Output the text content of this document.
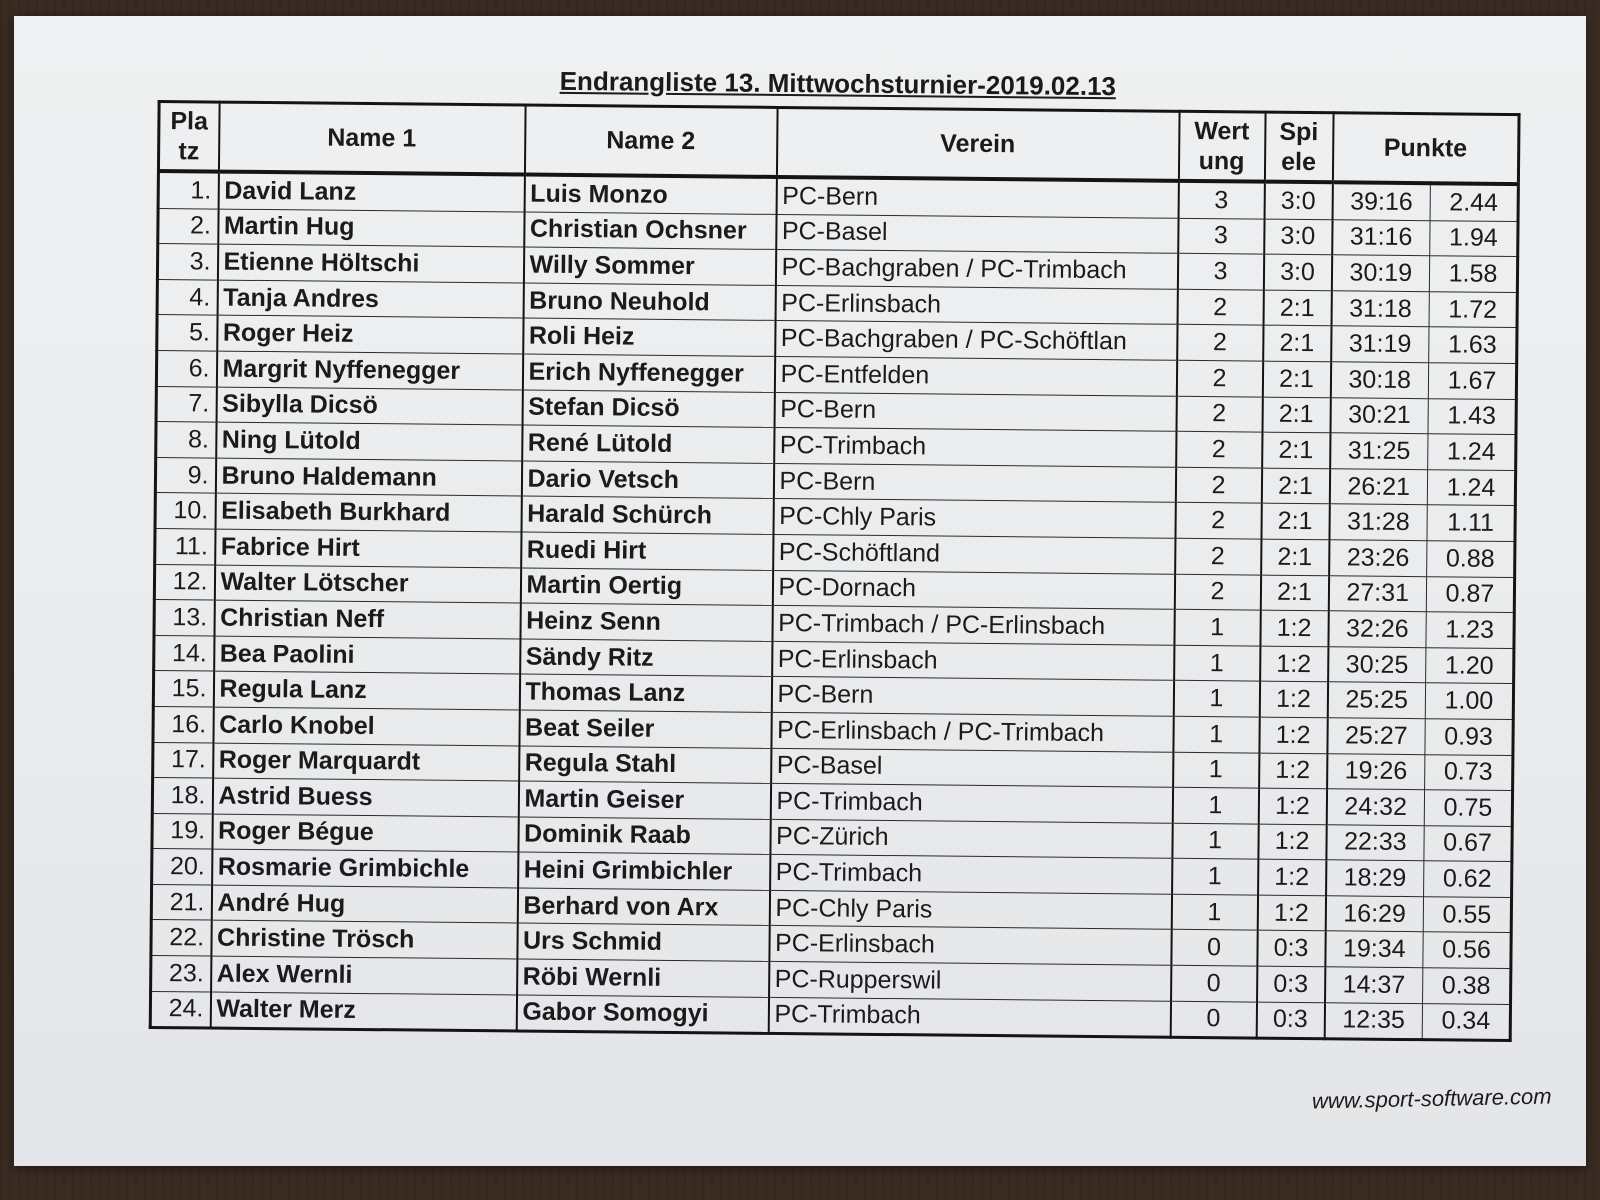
Endrangliste 13. Mittwochsturnier-2019.02.13
Pla tz	Name 1	Name 2	Verein	Wert ung	Spi ele	Punkte	
1.	David Lanz	Luis Monzo	PC-Bern	3	3:0	39:16	2.44
2.	Martin Hug	Christian Ochsner	PC-Basel	3	3:0	31:16	1.94
3.	Etienne Höltschi	Willy Sommer	PC-Bachgraben / PC-Trimbach	3	3:0	30:19	1.58
4.	Tanja Andres	Bruno Neuhold	PC-Erlinsbach	2	2:1	31:18	1.72
5.	Roger Heiz	Roli Heiz	PC-Bachgraben / PC-Schöftlan	2	2:1	31:19	1.63
6.	Margrit Nyffenegger	Erich Nyffenegger	PC-Entfelden	2	2:1	30:18	1.67
7.	Sibylla Dicsö	Stefan Dicsö	PC-Bern	2	2:1	30:21	1.43
8.	Ning Lütold	René Lütold	PC-Trimbach	2	2:1	31:25	1.24
9.	Bruno Haldemann	Dario Vetsch	PC-Bern	2	2:1	26:21	1.24
10.	Elisabeth Burkhard	Harald Schürch	PC-Chly Paris	2	2:1	31:28	1.11
11.	Fabrice Hirt	Ruedi Hirt	PC-Schöftland	2	2:1	23:26	0.88
12.	Walter Lötscher	Martin Oertig	PC-Dornach	2	2:1	27:31	0.87
13.	Christian Neff	Heinz Senn	PC-Trimbach / PC-Erlinsbach	1	1:2	32:26	1.23
14.	Bea Paolini	Sändy Ritz	PC-Erlinsbach	1	1:2	30:25	1.20
15.	Regula Lanz	Thomas Lanz	PC-Bern	1	1:2	25:25	1.00
16.	Carlo Knobel	Beat Seiler	PC-Erlinsbach / PC-Trimbach	1	1:2	25:27	0.93
17.	Roger Marquardt	Regula Stahl	PC-Basel	1	1:2	19:26	0.73
18.	Astrid Buess	Martin Geiser	PC-Trimbach	1	1:2	24:32	0.75
19.	Roger Bégue	Dominik Raab	PC-Zürich	1	1:2	22:33	0.67
20.	Rosmarie Grimbichle	Heini Grimbichler	PC-Trimbach	1	1:2	18:29	0.62
21.	André Hug	Berhard von Arx	PC-Chly Paris	1	1:2	16:29	0.55
22.	Christine Trösch	Urs Schmid	PC-Erlinsbach	0	0:3	19:34	0.56
23.	Alex Wernli	Röbi Wernli	PC-Rupperswil	0	0:3	14:37	0.38
24.	Walter Merz	Gabor Somogyi	PC-Trimbach	0	0:3	12:35	0.34
www.sport-software.com
